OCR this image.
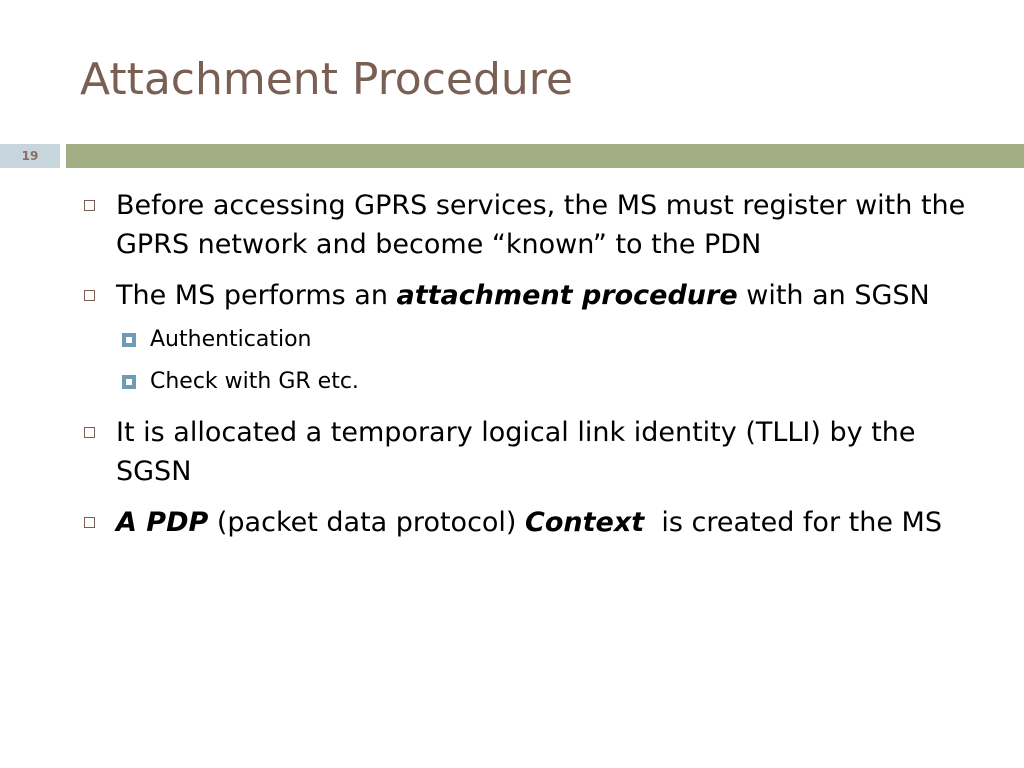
Attachment Procedure
19
Before accessing GPRS services, the MS must register with the GPRS network and become “known” to the PDN
The MS performs an attachment procedure with an SGSN
Authentication
Check with GR etc.
It is allocated a temporary logical link identity (TLLI) by the SGSN
A PDP (packet data protocol) Context  is created for the MS
